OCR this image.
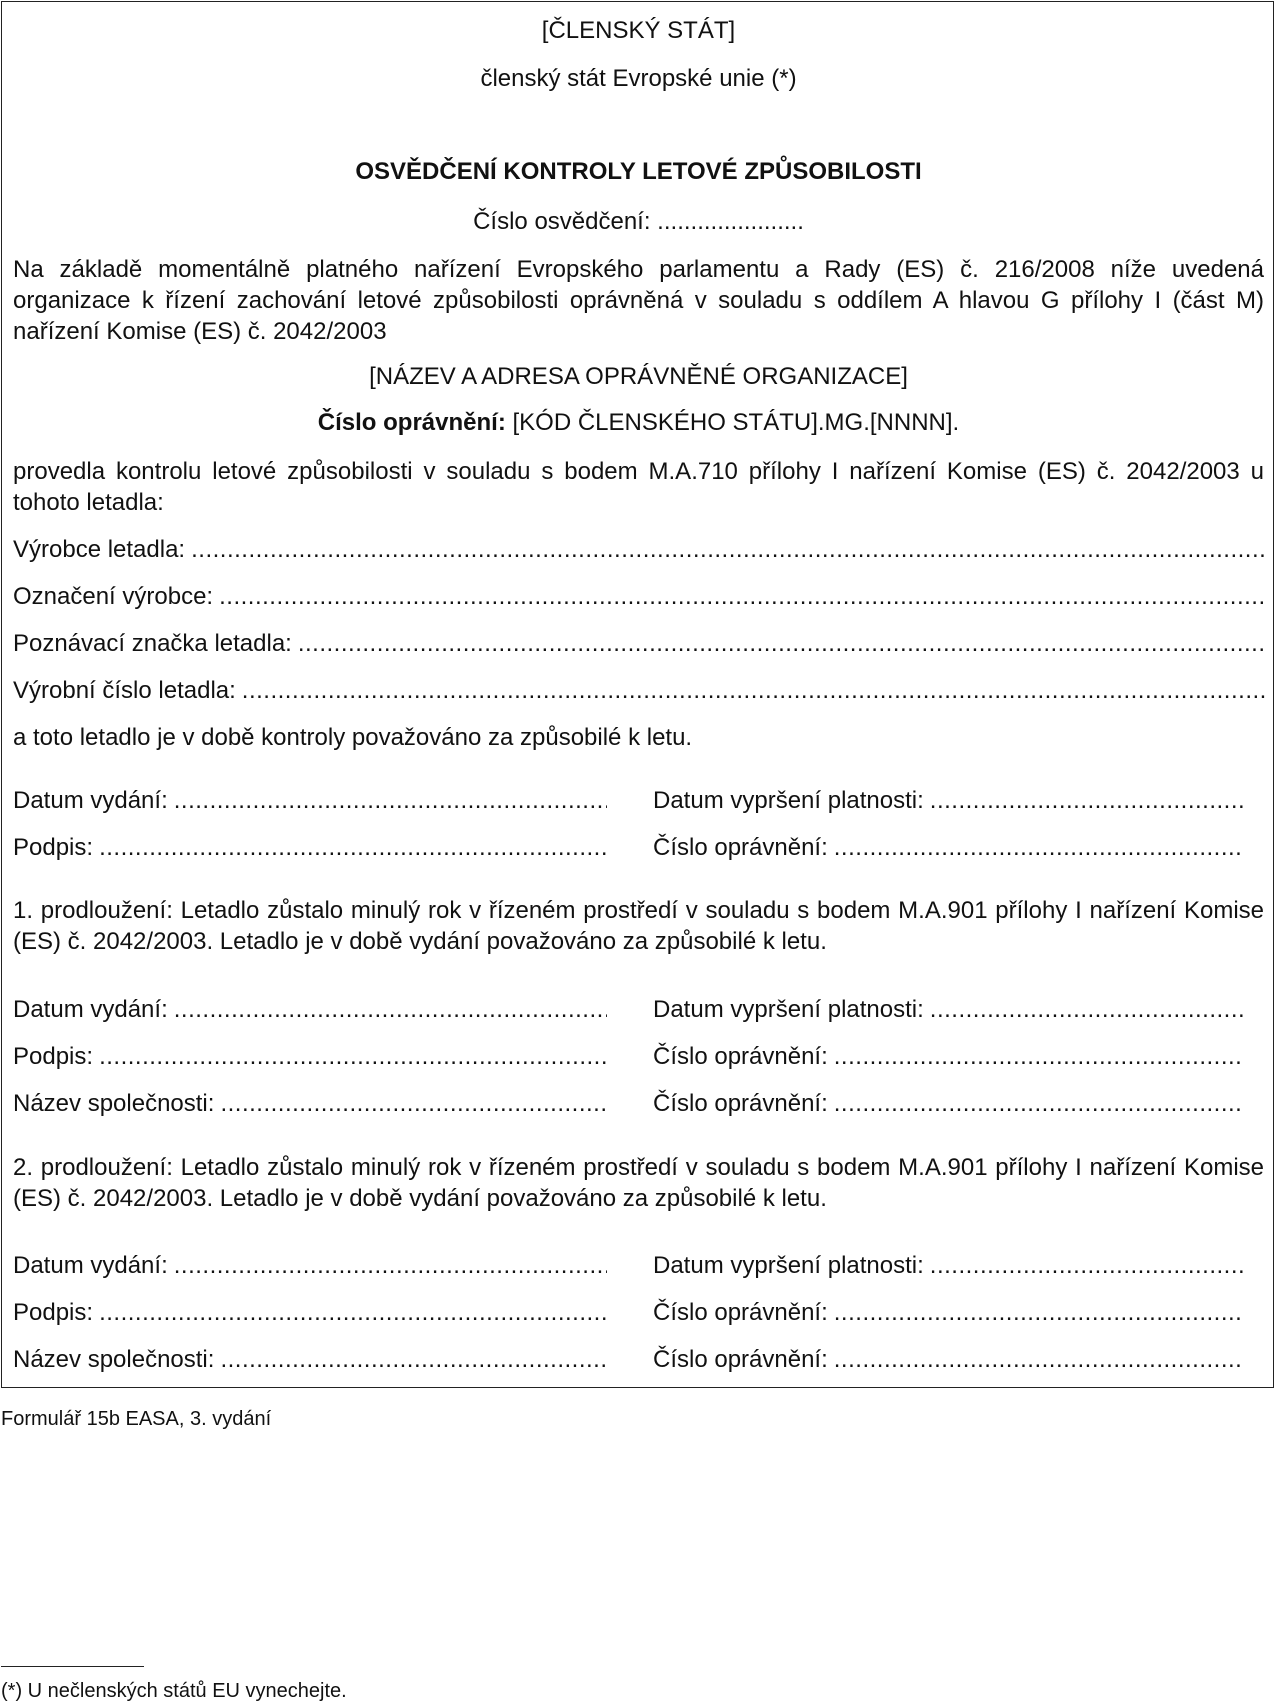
[ČLENSKÝ STÁT]
členský stát Evropské unie (*)
OSVĚDČENÍ KONTROLY LETOVÉ ZPŮSOBILOSTI
Číslo osvědčení: ......................

Na základě momentálně platného nařízení Evropského parlamentu a Rady (ES) č. 216/2008 níže uvedená organizace k řízení zachování letové způsobilosti oprávněná v souladu s oddílem A hlavou G přílohy I (část M) nařízení Komise (ES) č. 2042/2003

[NÁZEV A ADRESA OPRÁVNĚNÉ ORGANIZACE]
Číslo oprávnění: [KÓD ČLENSKÉHO STÁTU].MG.[NNNN].

provedla kontrolu letové způsobilosti v souladu s bodem M.A.710 přílohy I nařízení Komise (ES) č. 2042/2003 u tohoto letadla:

Výrobce letadla:
.....
Označení výrobce:
.....
Poznávací značka letadla:
.....
Výrobní číslo letadla:
.....
a toto letadlo je v době kontroly považováno za způsobilé k letu.
Datum vydání: .....	Datum vypršení platnosti:
.....
Podpis: .....	Číslo oprávnění:
.....

1. prodloužení: Letadlo zůstalo minulý rok v řízeném prostředí v souladu s bodem M.A.901 přílohy I nařízení Komise (ES) č. 2042/2003. Letadlo je v době vydání považováno za způsobilé k letu.

Datum vydání: .....	Datum vypršení platnosti:
.....
Podpis: .....	Číslo oprávnění:
.....
Název společnosti: .....	Číslo oprávnění:
.....

2. prodloužení: Letadlo zůstalo minulý rok v řízeném prostředí v souladu s bodem M.A.901 přílohy I nařízení Komise (ES) č. 2042/2003. Letadlo je v době vydání považováno za způsobilé k letu.

Datum vydání: .....	Datum vypršení platnosti:
.....
Podpis: .....	Číslo oprávnění:
.....
Název společnosti: .....	Číslo oprávnění:
.....
Formulář 15b EASA, 3. vydání
(*) U nečlenských států EU vynechejte.
